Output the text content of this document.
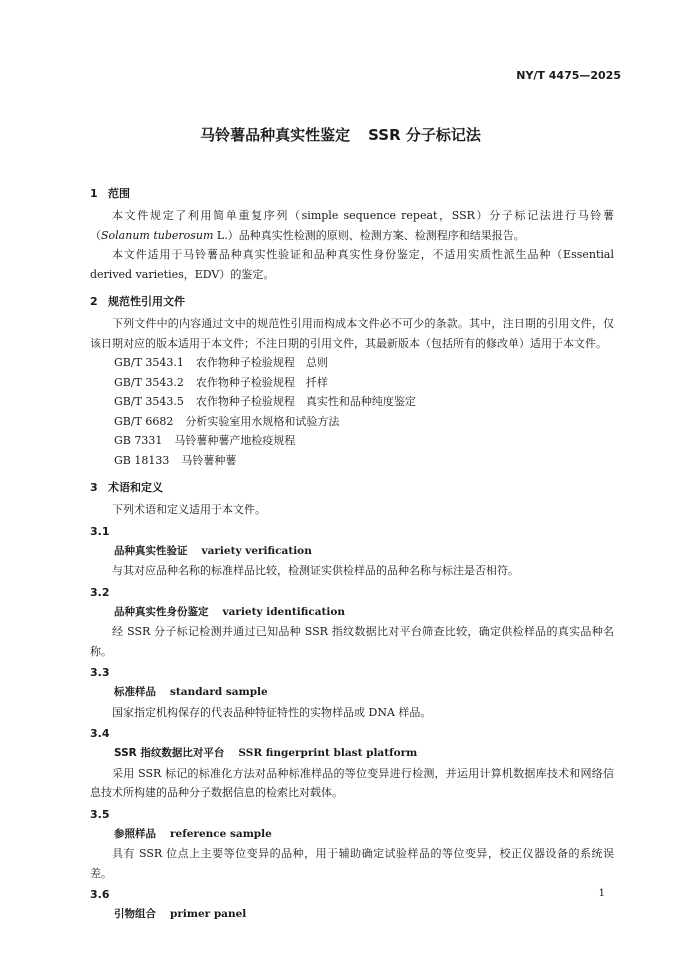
NY/T 4475—2025
马铃薯品种真实性鉴定 SSR 分子标记法
1 范围

本文件规定了利用简单重复序列（simple sequence repeat，SSR）分子标记法进行马铃薯（Solanum tuberosum L.）品种真实性检测的原则、检测方案、检测程序和结果报告。

本文件适用于马铃薯品种真实性验证和品种真实性身份鉴定，不适用实质性派生品种（Essential derived varieties，EDV）的鉴定。

2 规范性引用文件

下列文件中的内容通过文中的规范性引用而构成本文件必不可少的条款。其中，注日期的引用文件，仅该日期对应的版本适用于本文件；不注日期的引用文件，其最新版本（包括所有的修改单）适用于本文件。

GB/T 3543.1 农作物种子检验规程　总则

GB/T 3543.2 农作物种子检验规程　扦样

GB/T 3543.5 农作物种子检验规程　真实性和品种纯度鉴定

GB/T 6682 分析实验室用水规格和试验方法

GB 7331 马铃薯种薯产地检疫规程

GB 18133 马铃薯种薯

3 术语和定义

下列术语和定义适用于本文件。

3.1
品种真实性验证 variety verification

与其对应品种名称的标准样品比较，检测证实供检样品的品种名称与标注是否相符。

3.2
品种真实性身份鉴定 variety identification

经 SSR 分子标记检测并通过已知品种 SSR 指纹数据比对平台筛查比较，确定供检样品的真实品种名称。

3.3
标准样品 standard sample

国家指定机构保存的代表品种特征特性的实物样品或 DNA 样品。

3.4
SSR 指纹数据比对平台 SSR fingerprint blast platform

采用 SSR 标记的标准化方法对品种标准样品的等位变异进行检测，并运用计算机数据库技术和网络信息技术所构建的品种分子数据信息的检索比对载体。

3.5
参照样品 reference sample

具有 SSR 位点上主要等位变异的品种，用于辅助确定试验样品的等位变异，校正仪器设备的系统误差。

3.6
引物组合 primer panel
1
